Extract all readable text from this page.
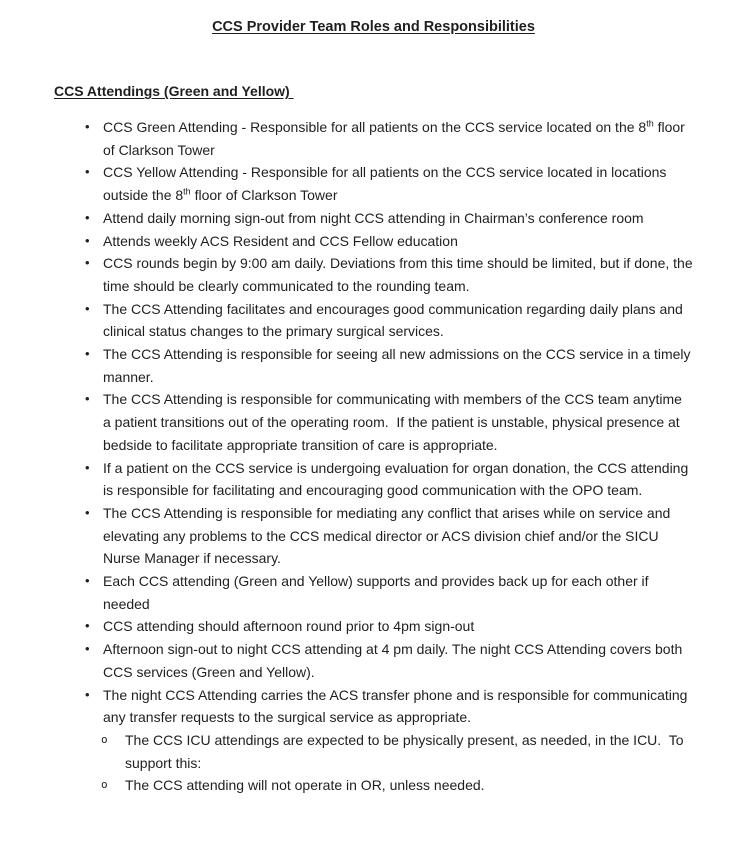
CCS Provider Team Roles and Responsibilities
CCS Attendings (Green and Yellow)
• CCS Green Attending - Responsible for all patients on the CCS service located on the 8th floor of Clarkson Tower
• CCS Yellow Attending - Responsible for all patients on the CCS service located in locations outside the 8th floor of Clarkson Tower
• Attend daily morning sign-out from night CCS attending in Chairman’s conference room
• Attends weekly ACS Resident and CCS Fellow education
• CCS rounds begin by 9:00 am daily. Deviations from this time should be limited, but if done, the time should be clearly communicated to the rounding team.
• The CCS Attending facilitates and encourages good communication regarding daily plans and clinical status changes to the primary surgical services.
• The CCS Attending is responsible for seeing all new admissions on the CCS service in a timely manner.
• The CCS Attending is responsible for communicating with members of the CCS team anytime a patient transitions out of the operating room.  If the patient is unstable, physical presence at bedside to facilitate appropriate transition of care is appropriate.
• If a patient on the CCS service is undergoing evaluation for organ donation, the CCS attending is responsible for facilitating and encouraging good communication with the OPO team.
• The CCS Attending is responsible for mediating any conflict that arises while on service and elevating any problems to the CCS medical director or ACS division chief and/or the SICU Nurse Manager if necessary.
• Each CCS attending (Green and Yellow) supports and provides back up for each other if needed
• CCS attending should afternoon round prior to 4pm sign-out
• Afternoon sign-out to night CCS attending at 4 pm daily. The night CCS Attending covers both CCS services (Green and Yellow).
• The night CCS Attending carries the ACS transfer phone and is responsible for communicating any transfer requests to the surgical service as appropriate.
o The CCS ICU attendings are expected to be physically present, as needed, in the ICU.  To support this:
o The CCS attending will not operate in OR, unless needed.
